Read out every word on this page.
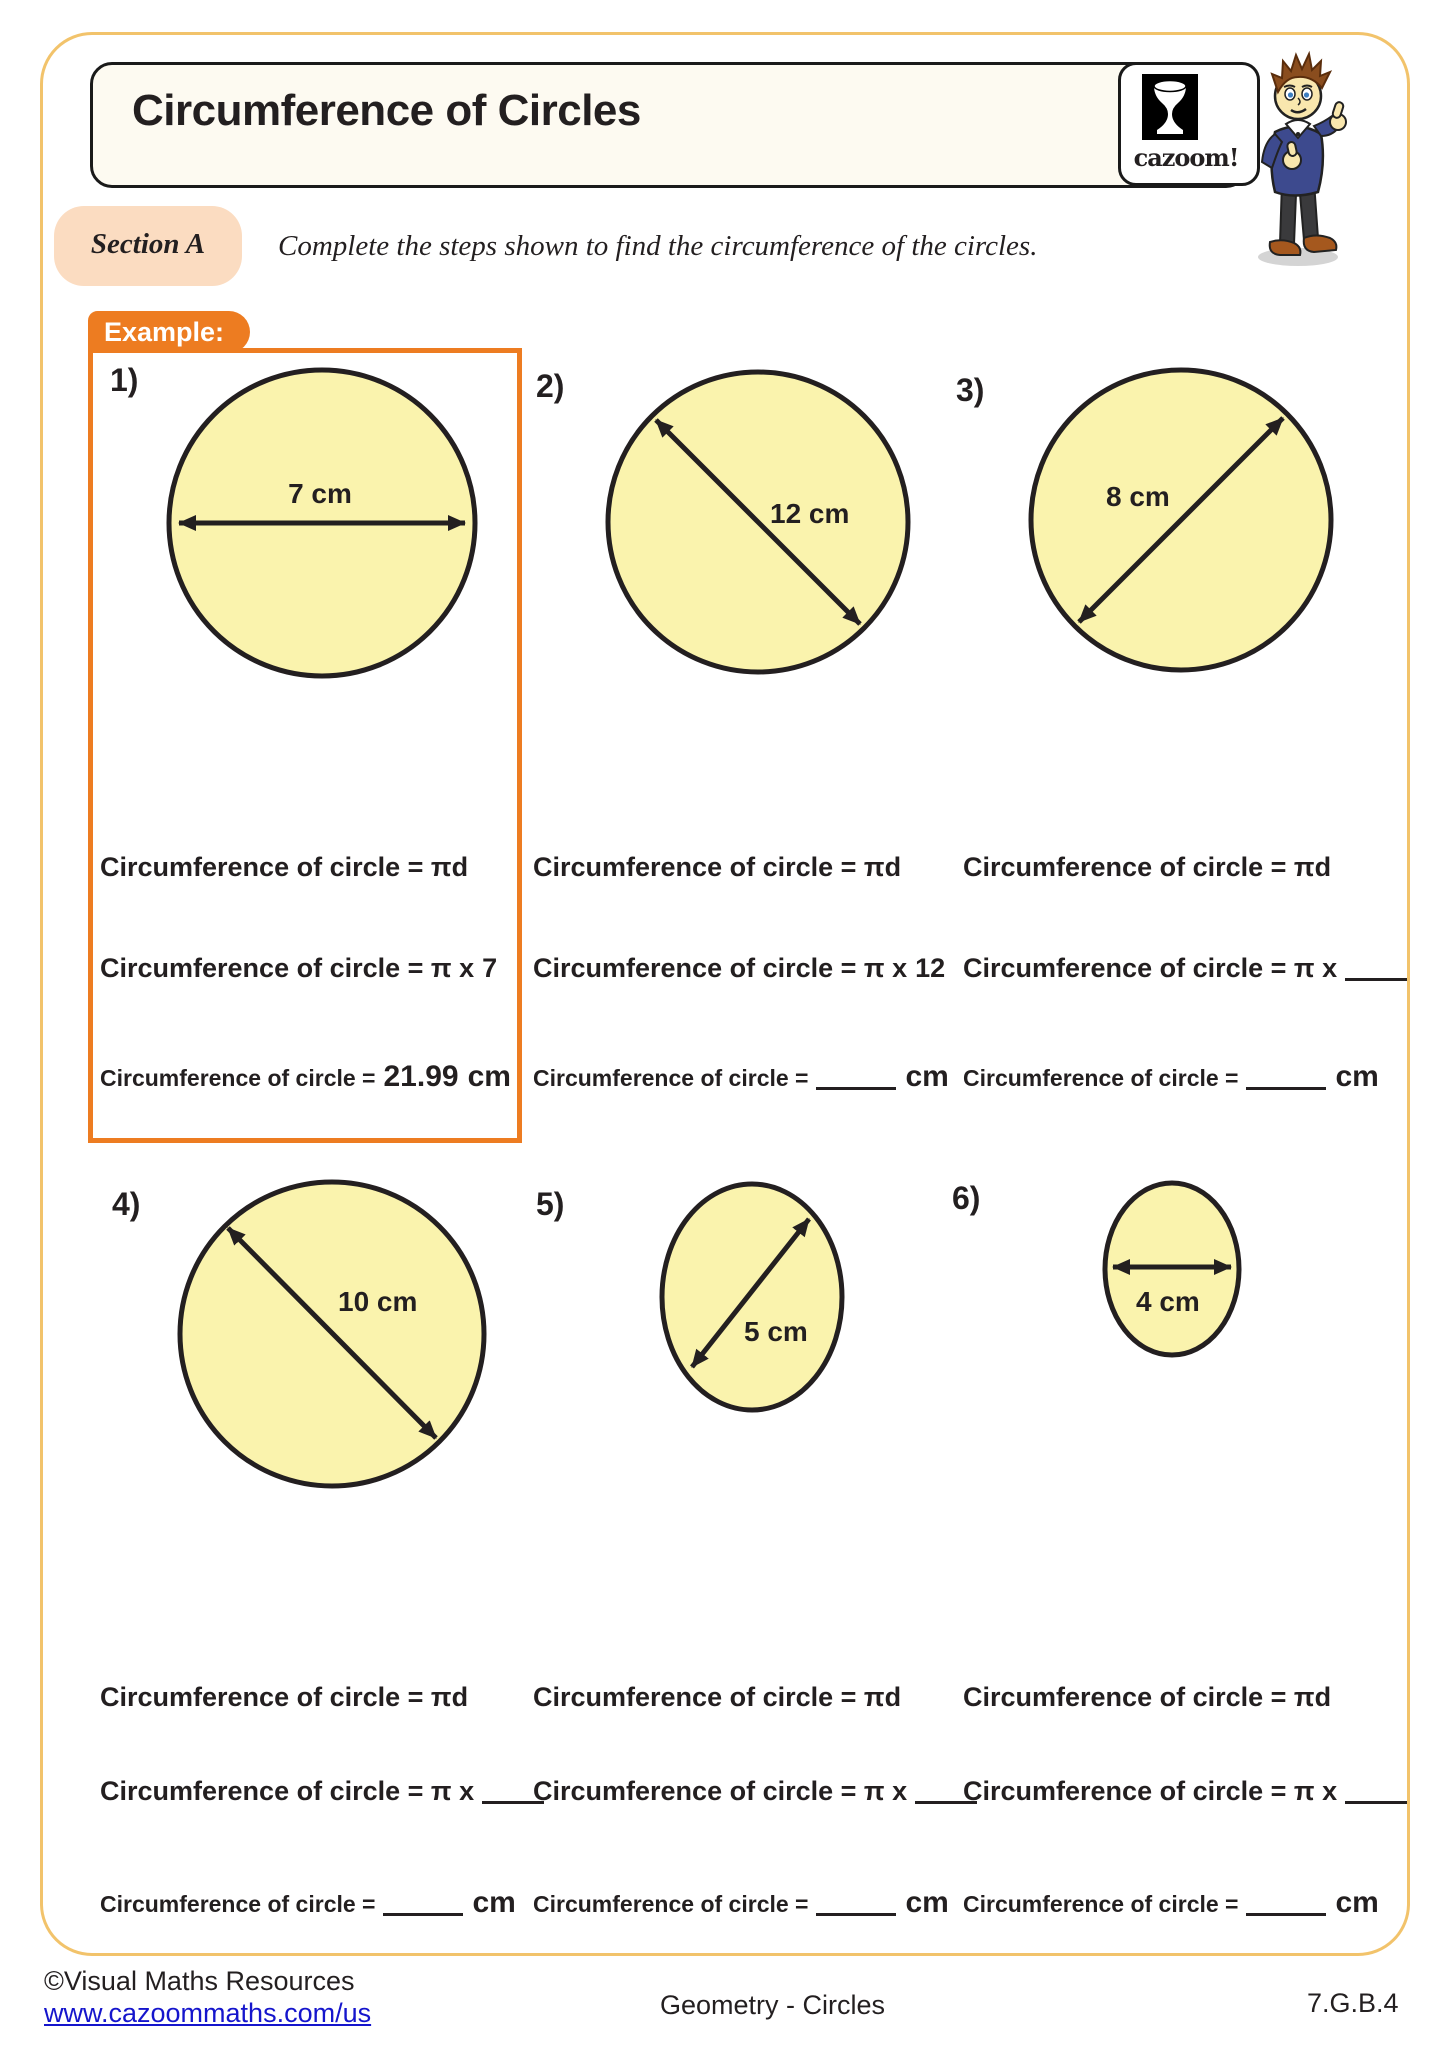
Circumference of Circles
cazoom!
Section A	Complete the steps shown to find the circumference of the circles.
Example:
1)	2)	3)
4)	5)	6)
7 cm
12 cm
8 cm
10 cm
5 cm
4 cm
Circumference of circle = πd
Circumference of circle = π x 7
Circumference of circle = 21.99 cm
Circumference of circle = πd
Circumference of circle = π x 12
Circumference of circle =	cm
Circumference of circle = πd
Circumference of circle = π x
Circumference of circle =	cm
Circumference of circle = πd
Circumference of circle = π x
Circumference of circle =	cm
Circumference of circle = πd
Circumference of circle = π x
Circumference of circle =	cm
Circumference of circle = πd
Circumference of circle = π x
Circumference of circle =	cm
©Visual Maths Resources
www.cazoommaths.com/us	Geometry - Circles	7.G.B.4
